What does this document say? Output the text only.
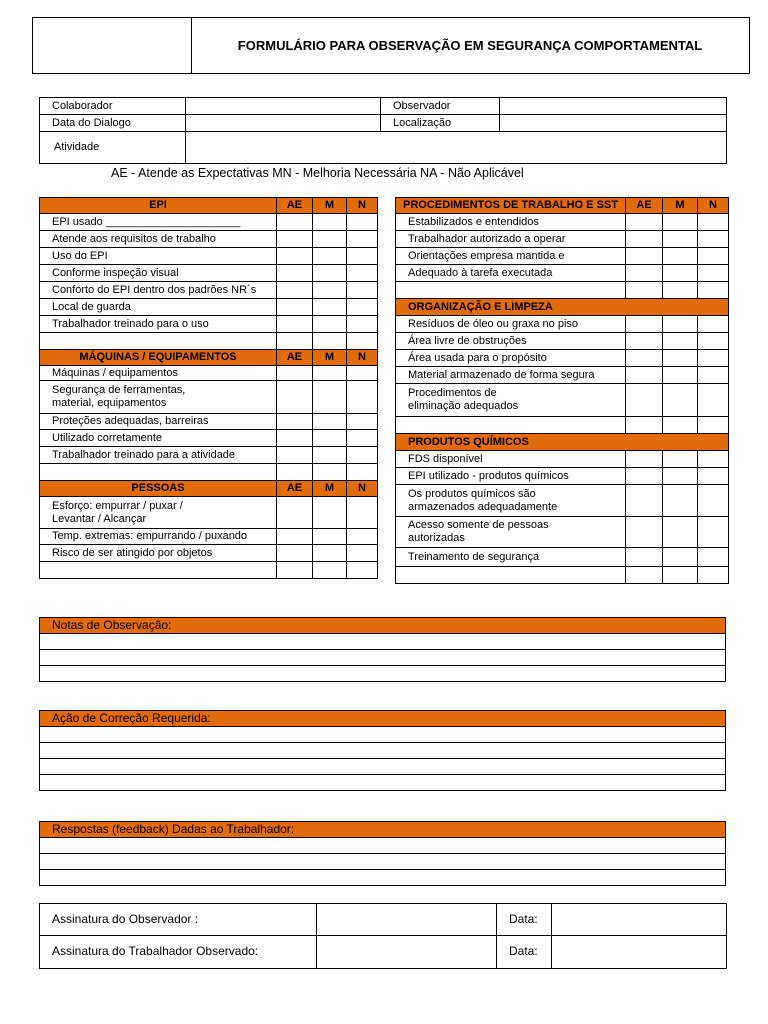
FORMULÁRIO PARA OBSERVAÇÃO EM SEGURANÇA COMPORTAMENTAL
Colaborador		Observador	
Data do Dialogo		Localização	
Atividade			
AE - Atende as Expectativas MN - Melhoria Necessária NA - Não Aplicável
EPI	AE	M	N
EPI usado ______________________			
Atende aos requisitos de trabalho			
Uso do EPI			
Conforme inspeção visual			
Conforto do EPI dentro dos padrões NR´s			
Local de guarda			
Trabalhador treinado para o uso			

MÁQUINAS / EQUIPAMENTOS	AE	M	N
Máquinas / equipamentos			
Segurança de ferramentas,
material, equipamentos			
Proteções adequadas, barreiras			
Utilizado corretamente			
Trabalhador treinado para a atividade			

PESSOAS	AE	M	N
Esforço: empurrar / puxar /
Levantar / Alcançar			
Temp. extremas: empurrando / puxando			
Risco de ser atingido por objetos			

PROCEDIMENTOS DE TRABALHO E SST	AE	M	N
Estabilizados e entendidos			
Trabalhador autorizado a operar			
Orientações empresa mantida e			
Adequado à tarefa executada			

ORGANIZAÇÃO E LIMPEZA			
Resíduos de óleo ou graxa no piso			
Área livre de obstruções			
Área usada para o propósito			
Material armazenado de forma segura			
Procedimentos de
eliminação adequados			

PRODUTOS QUÍMICOS			
FDS disponível			
EPI utilizado - produtos químicos			
Os produtos químicos são
armazenados adequadamente			
Acesso somente de pessoas
autorizadas			
Treinamento de segurança			

Notas de Observação:

Ação de Correção Requerida:

Respostas (feedback) Dadas ao Trabalhador:

Assinatura do Observador :		Data:	
Assinatura do Trabalhador Observado:		Data:	
